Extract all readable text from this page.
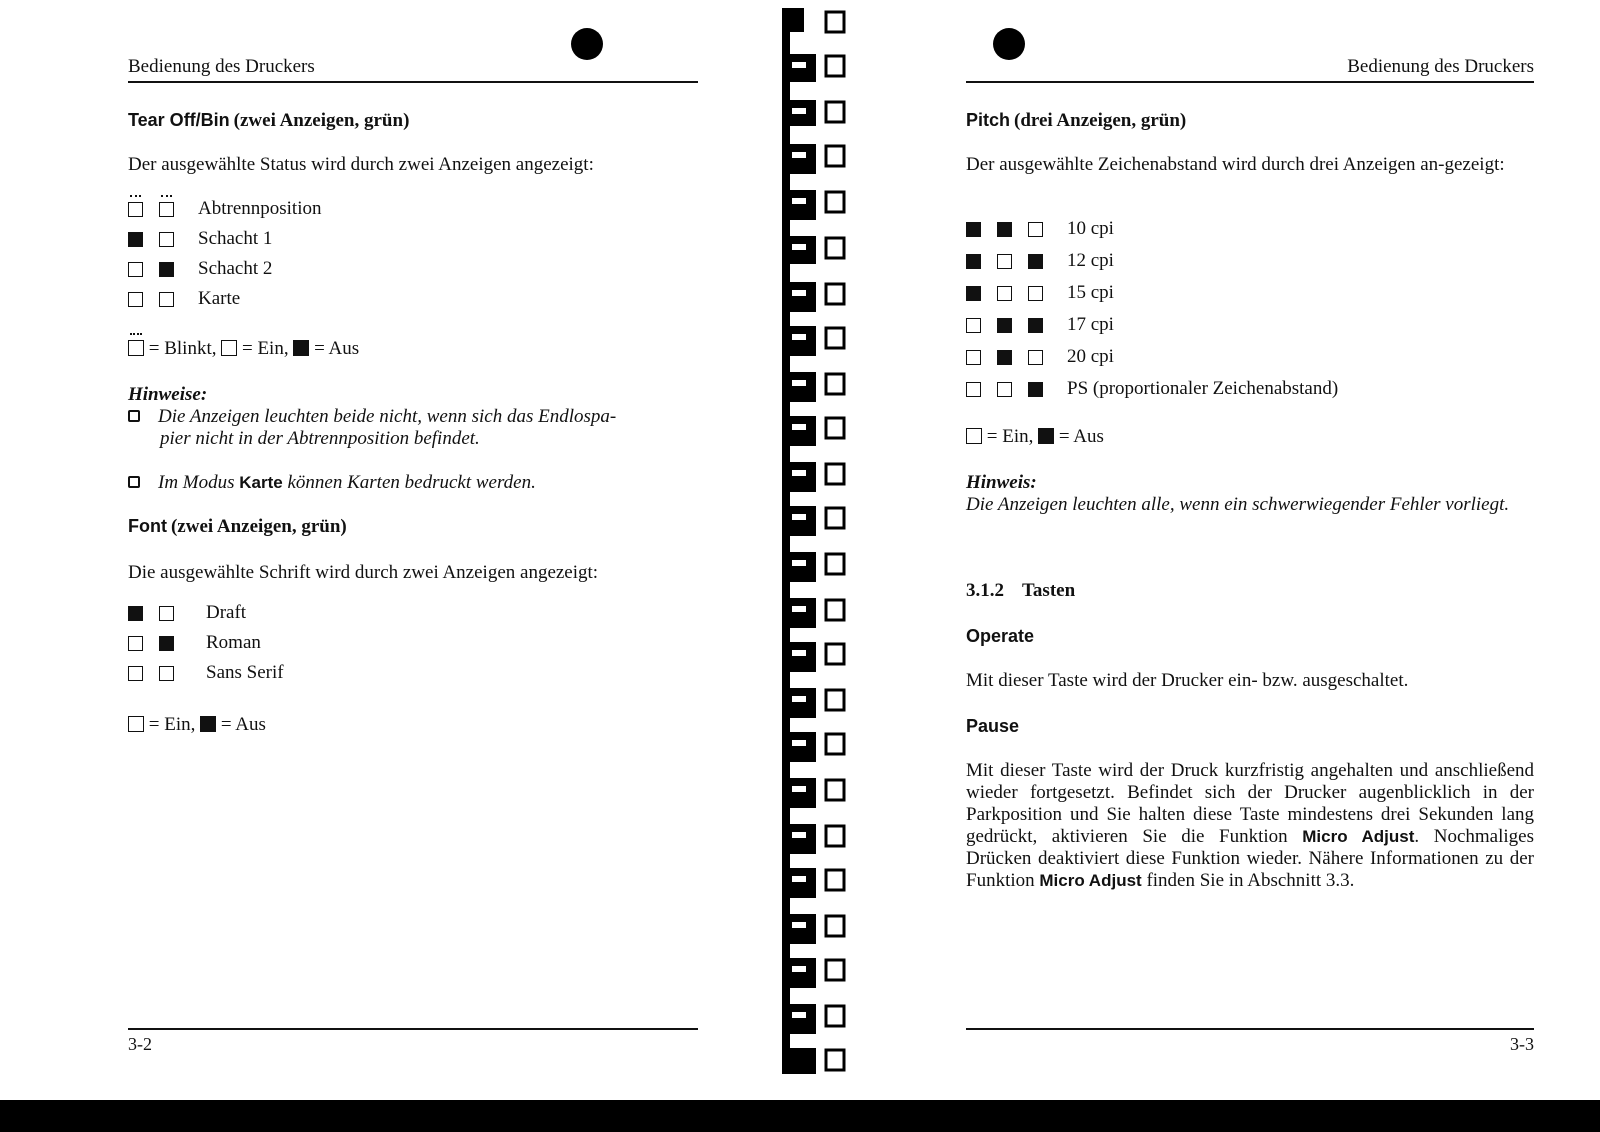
Bedienung des Druckers
Tear Off/Bin (zwei Anzeigen, grün)
Der ausgewählte Status wird durch zwei Anzeigen angezeigt:
Abtrennposition
Schacht 1
Schacht 2
Karte
= Blinkt, = Ein, = Aus
Hinweise:
Die Anzeigen leuchten beide nicht, wenn sich das Endlospa-
pier nicht in der Abtrennposition befindet.
Im Modus Karte können Karten bedruckt werden.
Font (zwei Anzeigen, grün)
Die ausgewählte Schrift wird durch zwei Anzeigen angezeigt:
Draft
Roman
Sans Serif
= Ein, = Aus
3-2
Bedienung des Druckers
Pitch (drei Anzeigen, grün)
Der ausgewählte Zeichenabstand wird durch drei Anzeigen an-gezeigt:
10 cpi
12 cpi
15 cpi
17 cpi
20 cpi
PS (proportionaler Zeichenabstand)
= Ein, = Aus
Hinweis:
Die Anzeigen leuchten alle, wenn ein schwerwiegender Fehler vorliegt.
3.1.2 Tasten
Operate
Mit dieser Taste wird der Drucker ein- bzw. ausgeschaltet.
Pause
Mit dieser Taste wird der Druck kurzfristig angehalten und anschließend wieder fortgesetzt. Befindet sich der Drucker augenblicklich in der Parkposition und Sie halten diese Taste mindestens drei Sekunden lang gedrückt, aktivieren Sie die Funktion Micro Adjust. Nochmaliges Drücken deaktiviert diese Funktion wieder. Nähere Informationen zu der Funktion Micro Adjust finden Sie in Abschnitt 3.3.
3-3
